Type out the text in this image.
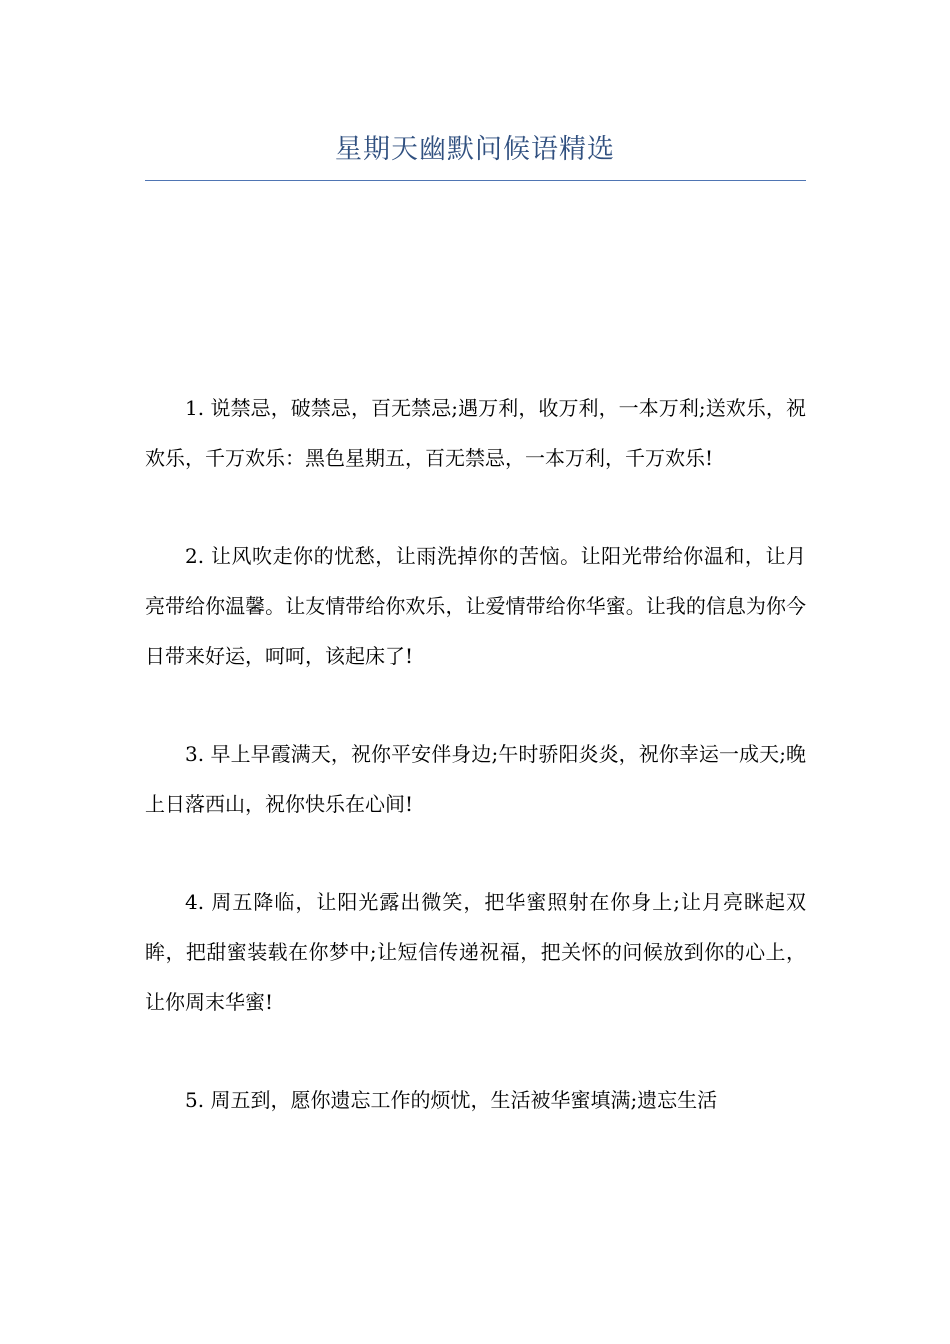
星期天幽默问候语精选

1. 说禁忌，破禁忌，百无禁忌;遇万利，收万利，一本万利;送欢乐，祝欢乐，千万欢乐：黑色星期五，百无禁忌，一本万利，千万欢乐!

2. 让风吹走你的忧愁，让雨洗掉你的苦恼。让阳光带给你温和，让月亮带给你温馨。让友情带给你欢乐，让爱情带给你华蜜。让我的信息为你今日带来好运，呵呵，该起床了!

3. 早上早霞满天，祝你平安伴身边;午时骄阳炎炎，祝你幸运一成天;晚上日落西山，祝你快乐在心间!

4. 周五降临，让阳光露出微笑，把华蜜照射在你身上;让月亮眯起双眸，把甜蜜装载在你梦中;让短信传递祝福，把关怀的问候放到你的心上，让你周末华蜜!

5. 周五到，愿你遗忘工作的烦忧，生活被华蜜填满;遗忘生活
